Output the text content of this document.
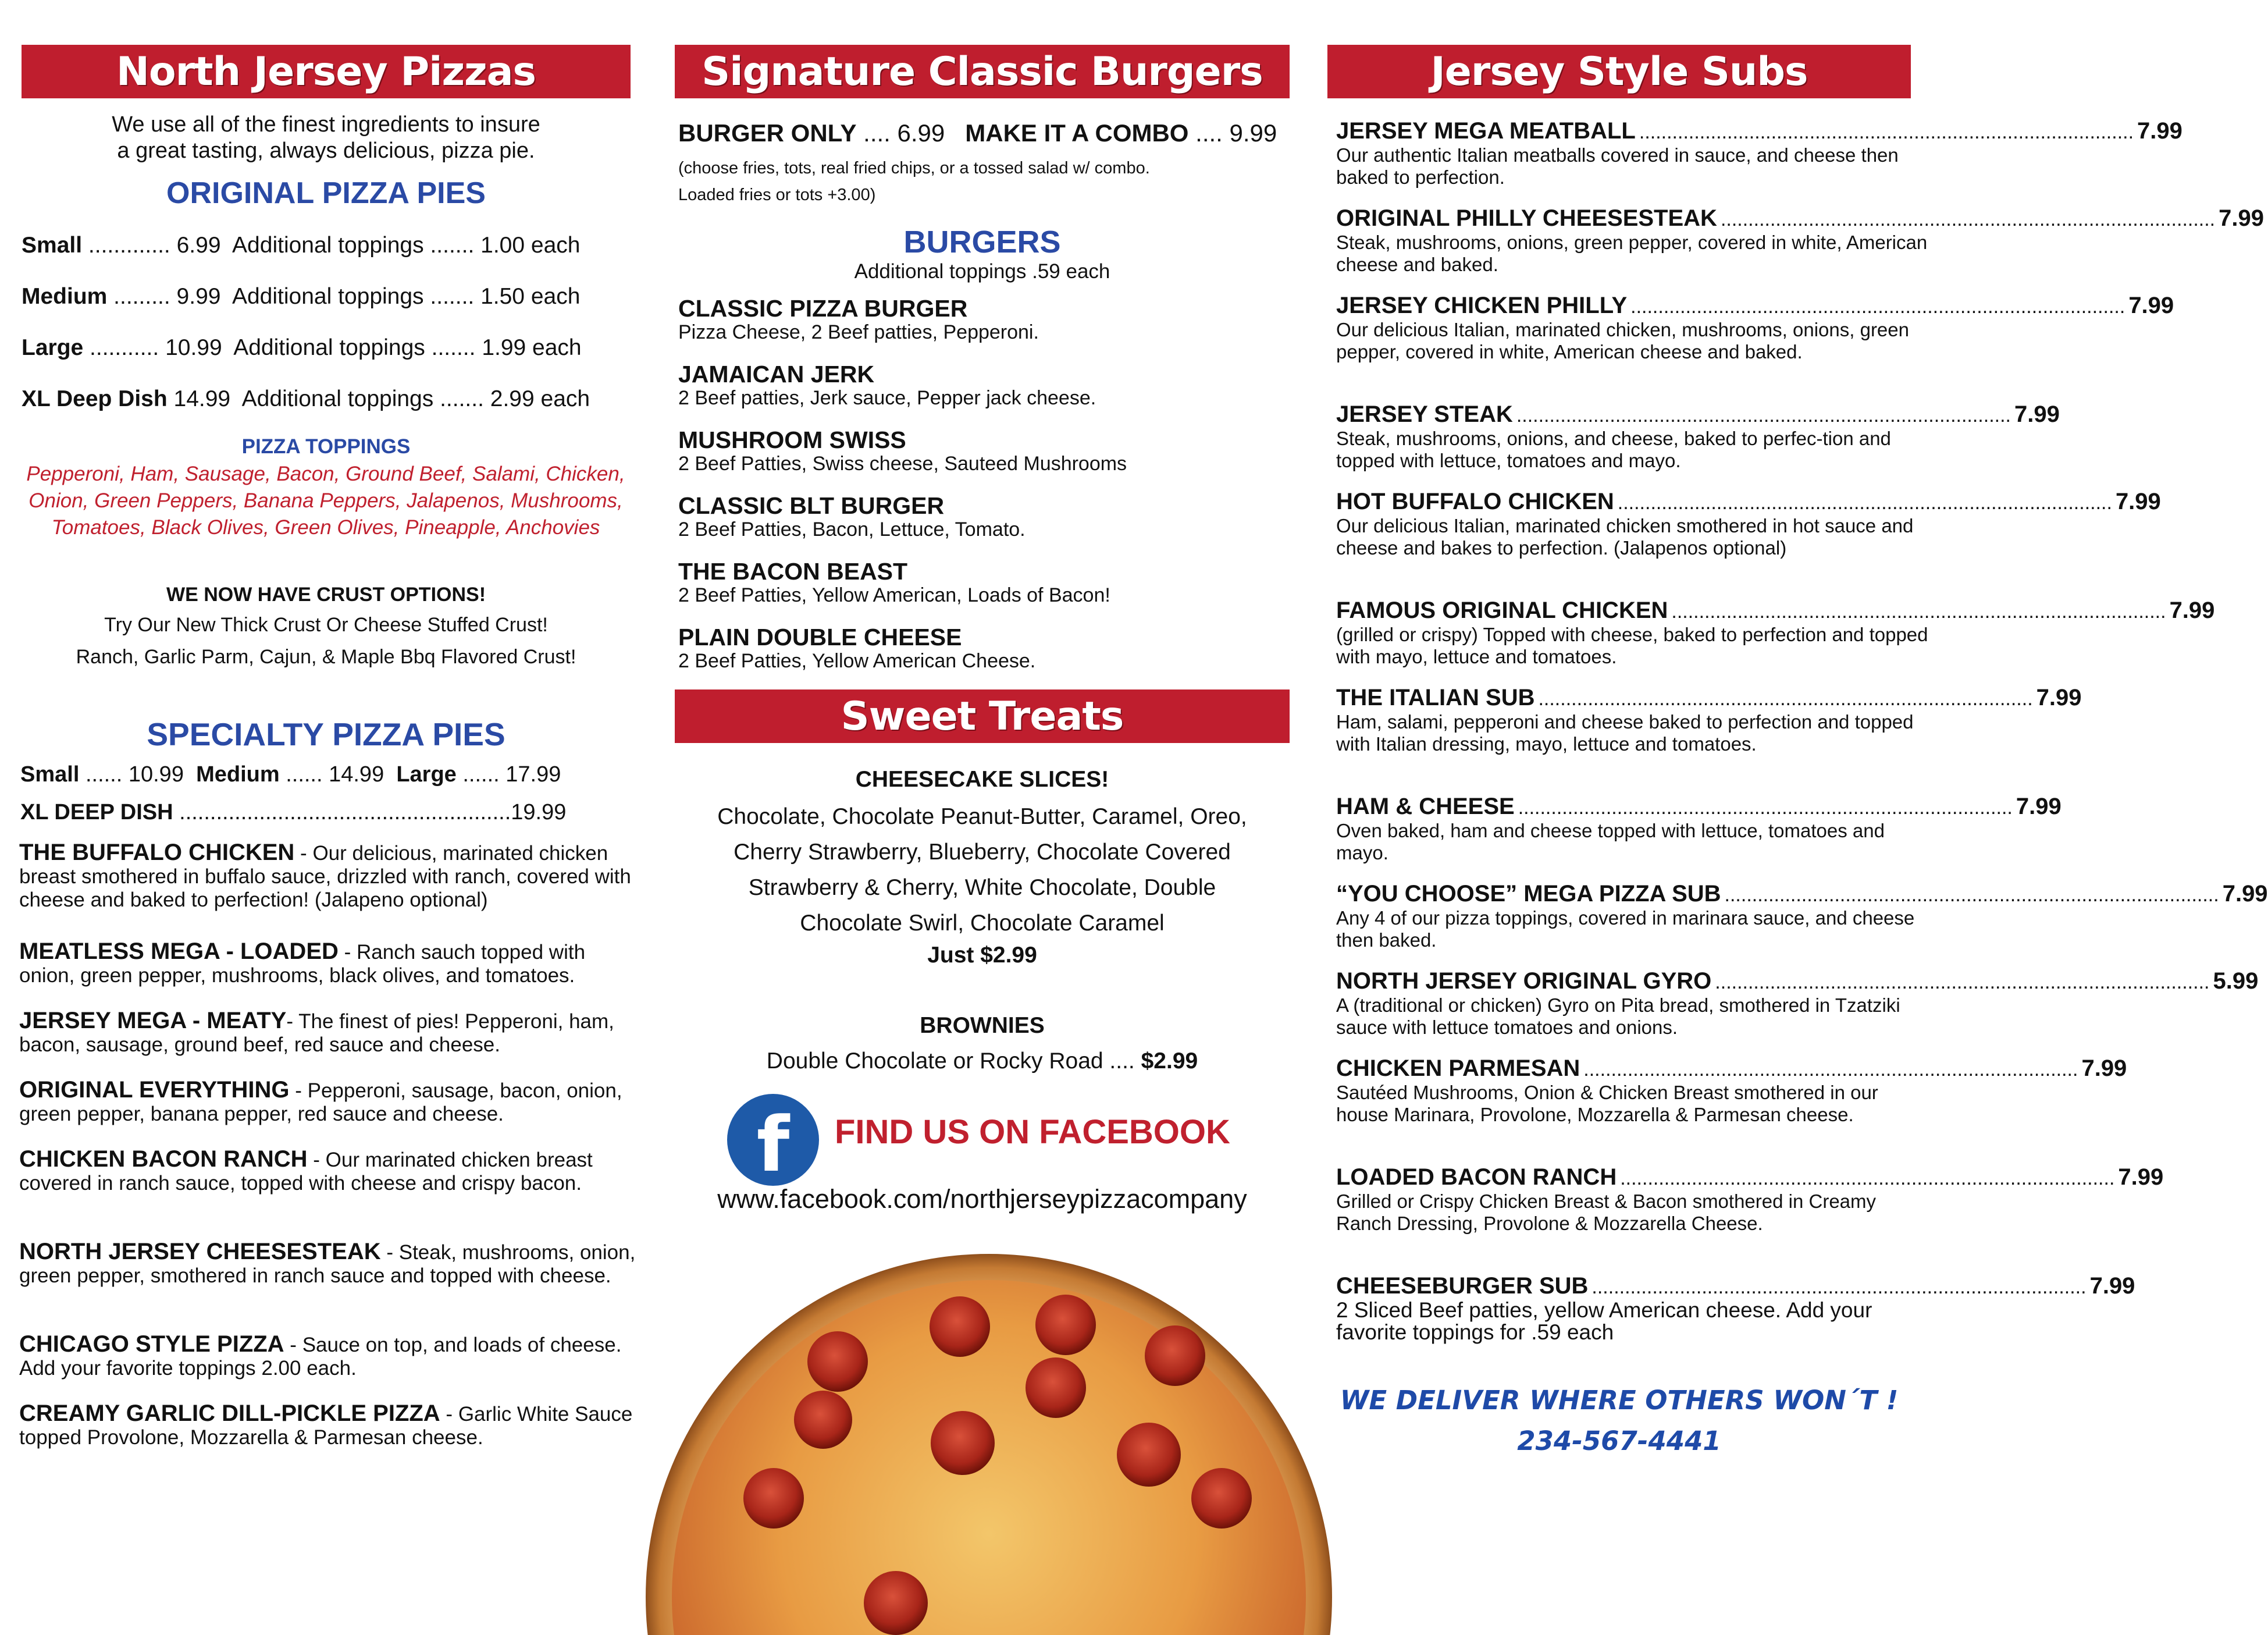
North Jersey Pizzas
We use all of the finest ingredients to insure
a great tasting, always delicious, pizza pie.
ORIGINAL PIZZA PIES
Small ............. 6.99 Additional toppings ....... 1.00 each
Medium ......... 9.99 Additional toppings ....... 1.50 each
Large ........... 10.99 Additional toppings ....... 1.99 each
XL Deep Dish 14.99 Additional toppings ....... 2.99 each
PIZZA TOPPINGS
Pepperoni, Ham, Sausage, Bacon, Ground Beef, Salami, Chicken, Onion, Green Peppers, Banana Peppers, Jalapenos, Mushrooms, Tomatoes, Black Olives, Green Olives, Pineapple, Anchovies
WE NOW HAVE CRUST OPTIONS!
Try Our New Thick Crust Or Cheese Stuffed Crust!
Ranch, Garlic Parm, Cajun, & Maple Bbq Flavored Crust!
SPECIALTY PIZZA PIES
Small ...... 10.99 Medium ...... 14.99 Large ...... 17.99
XL DEEP DISH ......................................................19.99
THE BUFFALO CHICKEN - Our delicious, marinated chicken breast smothered in buffalo sauce, drizzled with ranch, covered with cheese and baked to perfection! (Jalapeno optional)
MEATLESS MEGA - LOADED - Ranch sauch topped with onion, green pepper, mushrooms, black olives, and tomatoes.
JERSEY MEGA - MEATY- The finest of pies! Pepperoni, ham, bacon, sausage, ground beef, red sauce and cheese.
ORIGINAL EVERYTHING - Pepperoni, sausage, bacon, onion, green pepper, banana pepper, red sauce and cheese.
CHICKEN BACON RANCH - Our marinated chicken breast covered in ranch sauce, topped with cheese and crispy bacon.
NORTH JERSEY CHEESESTEAK - Steak, mushrooms, onion, green pepper, smothered in ranch sauce and topped with cheese.
CHICAGO STYLE PIZZA - Sauce on top, and loads of cheese. Add your favorite toppings 2.00 each.
CREAMY GARLIC DILL-PICKLE PIZZA - Garlic White Sauce topped Provolone, Mozzarella & Parmesan cheese.
Signature Classic Burgers
BURGER ONLY .... 6.99 MAKE IT A COMBO .... 9.99
(choose fries, tots, real fried chips, or a tossed salad w/ combo.
Loaded fries or tots +3.00)
BURGERS
Additional toppings .59 each
CLASSIC PIZZA BURGER
Pizza Cheese, 2 Beef patties, Pepperoni.
JAMAICAN JERK
2 Beef patties, Jerk sauce, Pepper jack cheese.
MUSHROOM SWISS
2 Beef Patties, Swiss cheese, Sauteed Mushrooms
CLASSIC BLT BURGER
2 Beef Patties, Bacon, Lettuce, Tomato.
THE BACON BEAST
2 Beef Patties, Yellow American, Loads of Bacon!
PLAIN DOUBLE CHEESE
2 Beef Patties, Yellow American Cheese.
Sweet Treats
CHEESECAKE SLICES!
Chocolate, Chocolate Peanut-Butter, Caramel, Oreo,
Cherry Strawberry, Blueberry, Chocolate Covered
Strawberry & Cherry, White Chocolate, Double
Chocolate Swirl, Chocolate Caramel
Just $2.99
BROWNIES
Double Chocolate or Rocky Road .... $2.99
f	FIND US ON FACEBOOK
www.facebook.com/northjerseypizzacompany
Jersey Style Subs
JERSEY MEGA MEATBALL .......................................................................................... 7.99
Our authentic Italian meatballs covered in sauce, and cheese then baked to perfection.
ORIGINAL PHILLY CHEESESTEAK .......................................................................................... 7.99
Steak, mushrooms, onions, green pepper, covered in white, American cheese and baked.
JERSEY CHICKEN PHILLY .......................................................................................... 7.99
Our delicious Italian, marinated chicken, mushrooms, onions, green pepper, covered in white, American cheese and baked.
JERSEY STEAK .......................................................................................... 7.99
Steak, mushrooms, onions, and cheese, baked to perfec-tion and topped with lettuce, tomatoes and mayo.
HOT BUFFALO CHICKEN .......................................................................................... 7.99
Our delicious Italian, marinated chicken smothered in hot sauce and cheese and bakes to perfection. (Jalapenos optional)
FAMOUS ORIGINAL CHICKEN .......................................................................................... 7.99
(grilled or crispy) Topped with cheese, baked to perfection and topped with mayo, lettuce and tomatoes.
THE ITALIAN SUB .......................................................................................... 7.99
Ham, salami, pepperoni and cheese baked to perfection and topped with Italian dressing, mayo, lettuce and tomatoes.
HAM & CHEESE .......................................................................................... 7.99
Oven baked, ham and cheese topped with lettuce, tomatoes and mayo.
“YOU CHOOSE” MEGA PIZZA SUB .......................................................................................... 7.99
Any 4 of our pizza toppings, covered in marinara sauce, and cheese then baked.
NORTH JERSEY ORIGINAL GYRO .......................................................................................... 5.99
A (traditional or chicken) Gyro on Pita bread, smothered in Tzatziki sauce with lettuce tomatoes and onions.
CHICKEN PARMESAN .......................................................................................... 7.99
Sautéed Mushrooms, Onion & Chicken Breast smothered in our house Marinara, Provolone, Mozzarella & Parmesan cheese.
LOADED BACON RANCH .......................................................................................... 7.99
Grilled or Crispy Chicken Breast & Bacon smothered in Creamy Ranch Dressing, Provolone & Mozzarella Cheese.
CHEESEBURGER SUB .......................................................................................... 7.99
2 Sliced Beef patties, yellow American cheese. Add your favorite toppings for .59 each
WE DELIVER WHERE OTHERS WON´T !
234-567-4441
